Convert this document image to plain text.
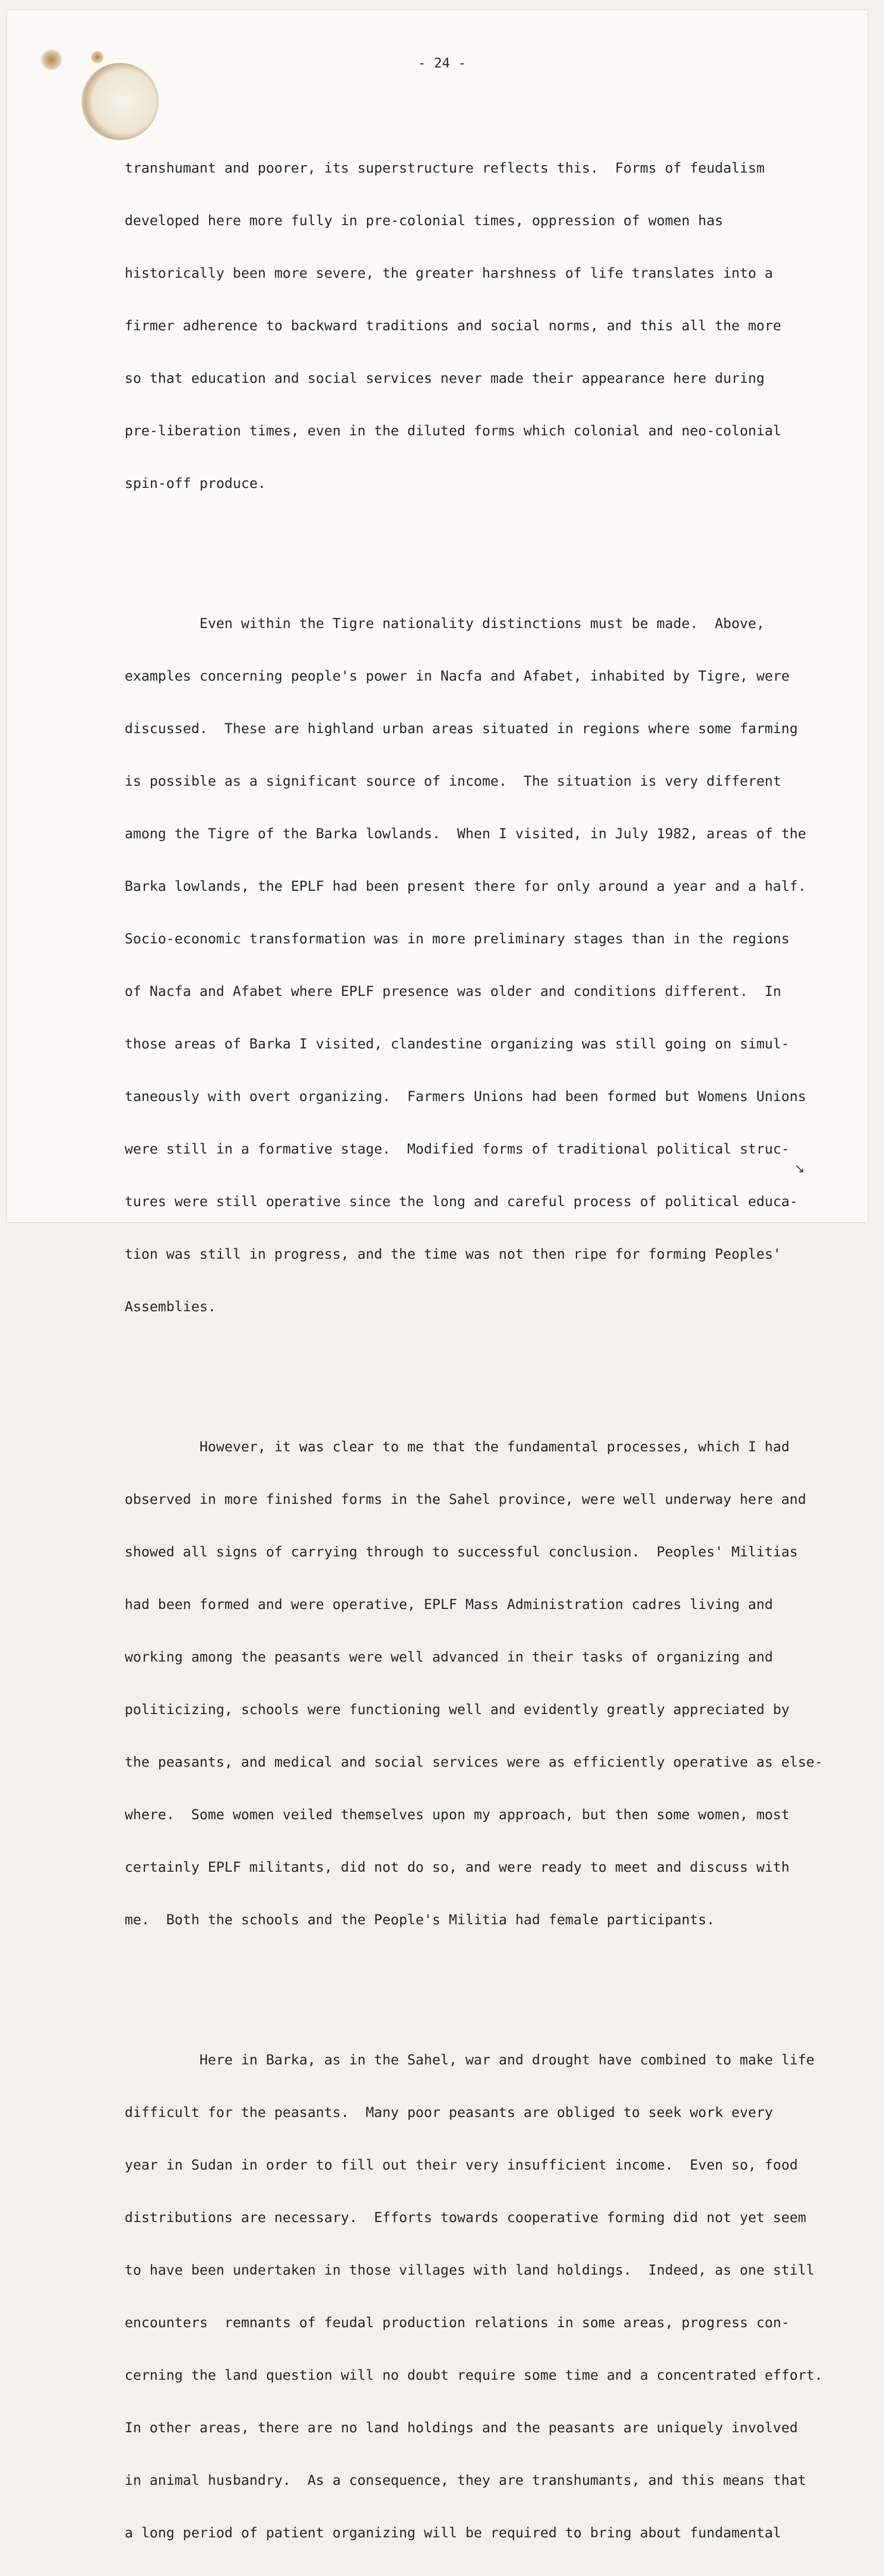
- 24 -

transhumant and poorer, its superstructure reflects this.  Forms of feudalism

developed here more fully in pre-colonial times, oppression of women has

historically been more severe, the greater harshness of life translates into a

firmer adherence to backward traditions and social norms, and this all the more

so that education and social services never made their appearance here during

pre-liberation times, even in the diluted forms which colonial and neo-colonial

spin-off produce.

Even within the Tigre nationality distinctions must be made.  Above,

examples concerning people's power in Nacfa and Afabet, inhabited by Tigre, were

discussed.  These are highland urban areas situated in regions where some farming

is possible as a significant source of income.  The situation is very different

among the Tigre of the Barka lowlands.  When I visited, in July 1982, areas of the

Barka lowlands, the EPLF had been present there for only around a year and a half.

Socio-economic transformation was in more preliminary stages than in the regions

of Nacfa and Afabet where EPLF presence was older and conditions different.  In

those areas of Barka I visited, clandestine organizing was still going on simul-

taneously with overt organizing.  Farmers Unions had been formed but Womens Unions

were still in a formative stage.  Modified forms of traditional political struc-

tures were still operative since the long and careful process of political educa-

tion was still in progress, and the time was not then ripe for forming Peoples'

Assemblies.

However, it was clear to me that the fundamental processes, which I had

observed in more finished forms in the Sahel province, were well underway here and

showed all signs of carrying through to successful conclusion.  Peoples' Militias

had been formed and were operative, EPLF Mass Administration cadres living and

working among the peasants were well advanced in their tasks of organizing and

politicizing, schools were functioning well and evidently greatly appreciated by

the peasants, and medical and social services were as efficiently operative as else-

where.  Some women veiled themselves upon my approach, but then some women, most

certainly EPLF militants, did not do so, and were ready to meet and discuss with

me.  Both the schools and the People's Militia had female participants.

Here in Barka, as in the Sahel, war and drought have combined to make life

difficult for the peasants.  Many poor peasants are obliged to seek work every

year in Sudan in order to fill out their very insufficient income.  Even so, food

distributions are necessary.  Efforts towards cooperative forming did not yet seem

to have been undertaken in those villages with land holdings.  Indeed, as one still

encounters  remnants of feudal production relations in some areas, progress con-

cerning the land question will no doubt require some time and a concentrated effort.

In other areas, there are no land holdings and the peasants are uniquely involved

in animal husbandry.  As a consequence, they are transhumants, and this means that

a long period of patient organizing will be required to bring about fundamental

↘
